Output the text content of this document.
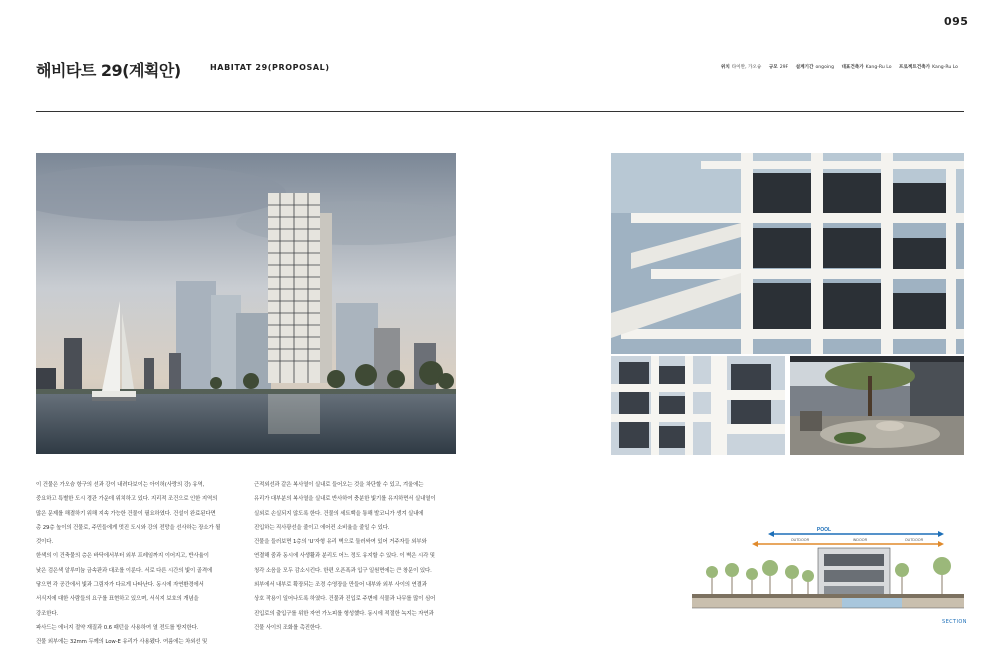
095
해비타트 29(계획안)	HABITAT 29(PROPOSAL)	위치 타이완, 가오슝 규모 29F 설계기간 ongoing 대표건축가 Kang-Ru Lo 프로젝트건축가 Kang-Ru Lo

이 건물은 가오슝 항구의 선과 강이 내려다보이는 아이허(사랑의 강) 유역,

중요하고 특별한 도시 경관 가운데 위치하고 있다. 지리적 조건으로 인한 지역의

많은 문제를 해결하기 위해 지속 가능한 건물이 필요하였다. 건설이 완료된다면

총 29층 높이의 건물로, 주민들에게 멋진 도시와 강의 전망을 선사하는 장소가 될

것이다.

한색의 이 건축물의 층은 바닥에서부터 외부 프레임까지 이어지고, 반사율이

낮은 검은색 알루미늄 금속판과 대조를 이룬다. 서로 다른 시간의 빛이 골격에

닿으면 각 공간에서 빛과 그림자가 다르게 나타난다. 동시에 자연환경에서

서식지에 대한 사람들의 요구를 표현하고 있으며, 서식지 보호의 개념을

강조한다.

파사드는 에너지 절약 재질과 0.6 패턴을 사용하여 열 전도를 방지한다.

건물 외부에는 32mm 두께의 Low-E 유리가 사용됐다. 여름에는 차외선 및

근적외선과 같은 복사열이 실내로 들어오는 것을 차단할 수 있고, 겨울에는

유리가 대부분의 복사열을 실내로 반사하여 충분한 빛기를 유지하면서 실내열이

실외로 손실되지 않도록 한다. 건물의 세트백을 통해 발코니가 생겨 실내에

진입하는 직사광선을 줄이고 에어컨 소비율을 줄일 수 있다.

건물을 들러보면 1층의 'U'자형 유리 벽으로 둘러싸여 있어 거주자들 외부와

연결해 줌과 동시에 사생활과 분리도 어느 정도 유지할 수 있다. 이 벽은 시각 및

청각 소음을 모두 감소시킨다. 한편 오픈폭과 입구 일원면에는 큰 창문이 있다.

외부에서 내부로 확장되는 조경 수영장을 만들어 내부와 외부 사이의 연결과

상호 작용이 일어나도록 하였다. 건물과 진입로 주변에 식물과 나무를 많이 심어

진입로의 출입구를 위한 자연 가노피를 형성했다. 동시에 적절한 녹지는 자연과

건물 사이의 조화를 촉진한다.

POOL
OUTDOOR	INDOOR	OUTDOOR
SECTION
